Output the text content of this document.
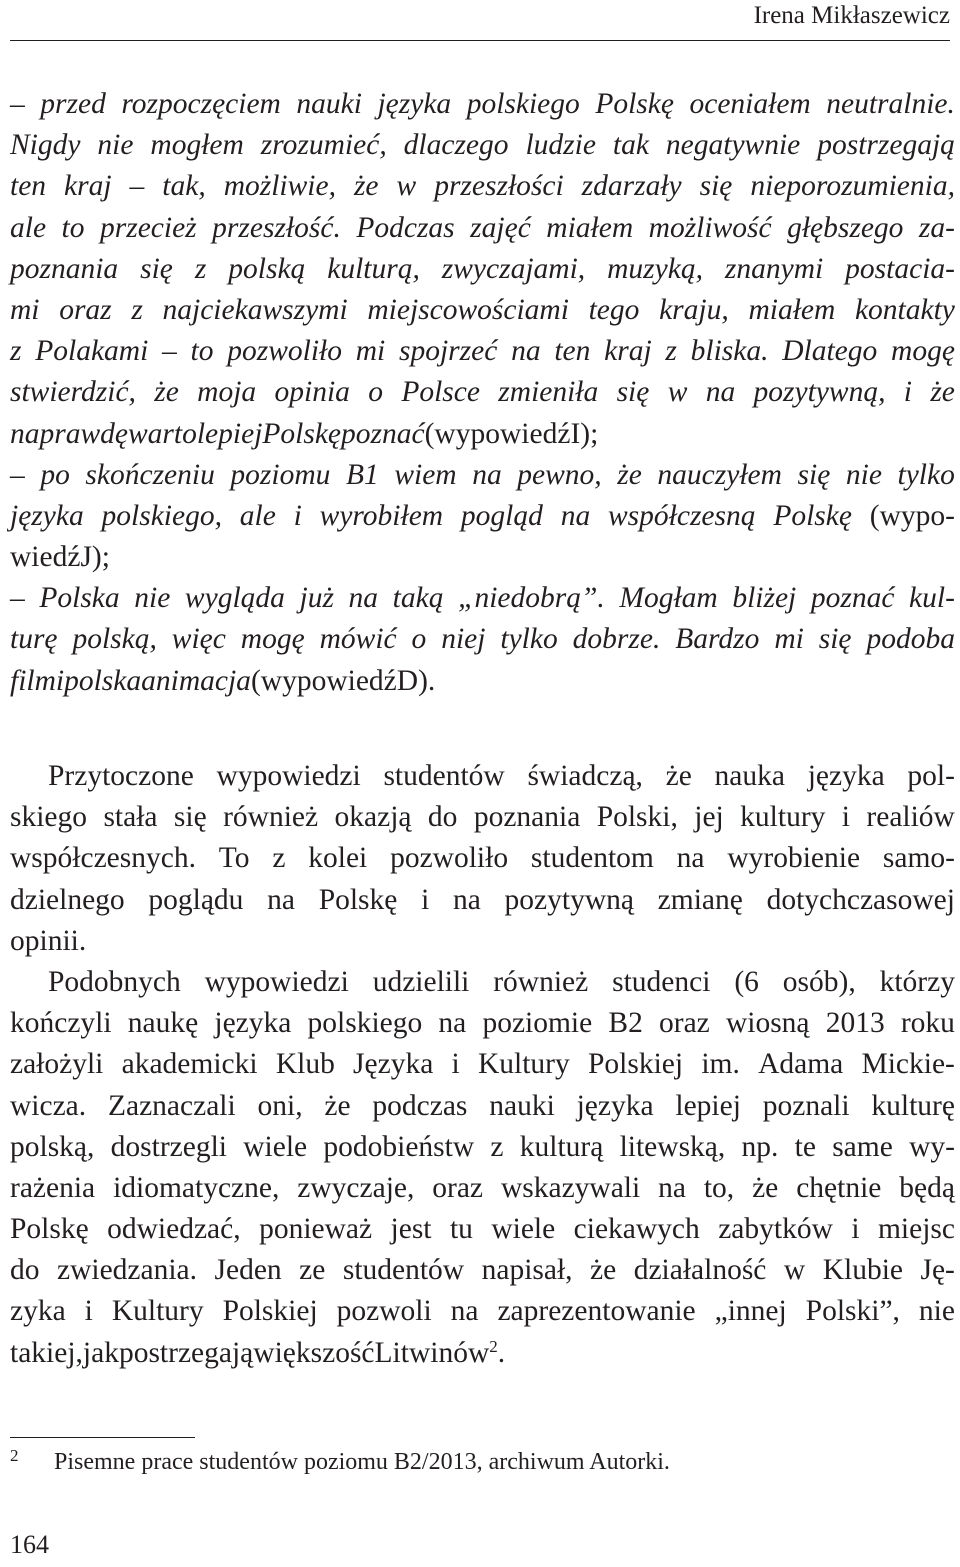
Irena Mikłaszewicz
– przed rozpoczęciem nauki języka polskiego Polskę oceniałem neutralnie.
Nigdy nie mogłem zrozumieć, dlaczego ludzie tak negatywnie postrzegają
ten kraj – tak, możliwie, że w przeszłości zdarzały się nieporozumienia,
ale to przecież przeszłość. Podczas zajęć miałem możliwość głębszego za-
poznania się z polską kulturą, zwyczajami, muzyką, znanymi postacia-
mi oraz z najciekawszymi miejscowościami tego kraju, miałem kontakty
z Polakami – to pozwoliło mi spojrzeć na ten kraj z bliska. Dlatego mogę
stwierdzić, że moja opinia o Polsce zmieniła się w na pozytywną, i że
naprawdę warto lepiej Polskę poznać (wypowiedź I);
– po skończeniu poziomu B1 wiem na pewno, że nauczyłem się nie tylko
języka polskiego, ale i wyrobiłem pogląd na współczesną Polskę (wypo-
wiedź J);
– Polska nie wygląda już na taką „niedobrą”. Mogłam bliżej poznać kul-
turę polską, więc mogę mówić o niej tylko dobrze. Bardzo mi się podoba
film i polska animacja (wypowiedź D).
Przytoczone wypowiedzi studentów świadczą, że nauka języka pol-
skiego stała się również okazją do poznania Polski, jej kultury i realiów
współczesnych. To z kolei pozwoliło studentom na wyrobienie samo-
dzielnego poglądu na Polskę i na pozytywną zmianę dotychczasowej
opinii.
Podobnych wypowiedzi udzielili również studenci (6 osób), którzy
kończyli naukę języka polskiego na poziomie B2 oraz wiosną 2013 roku
założyli akademicki Klub Języka i Kultury Polskiej im. Adama Mickie-
wicza. Zaznaczali oni, że podczas nauki języka lepiej poznali kulturę
polską, dostrzegli wiele podobieństw z kulturą litewską, np. te same wy-
rażenia idiomatyczne, zwyczaje, oraz wskazywali na to, że chętnie będą
Polskę odwiedzać, ponieważ jest tu wiele ciekawych zabytków i miejsc
do zwiedzania. Jeden ze studentów napisał, że działalność w Klubie Ję-
zyka i Kultury Polskiej pozwoli na zaprezentowanie „innej Polski”, nie
takiej, jak postrzega ją większość Litwinów$^2$.
2 Pisemne prace studentów poziomu B2/2013, archiwum Autorki.
164
